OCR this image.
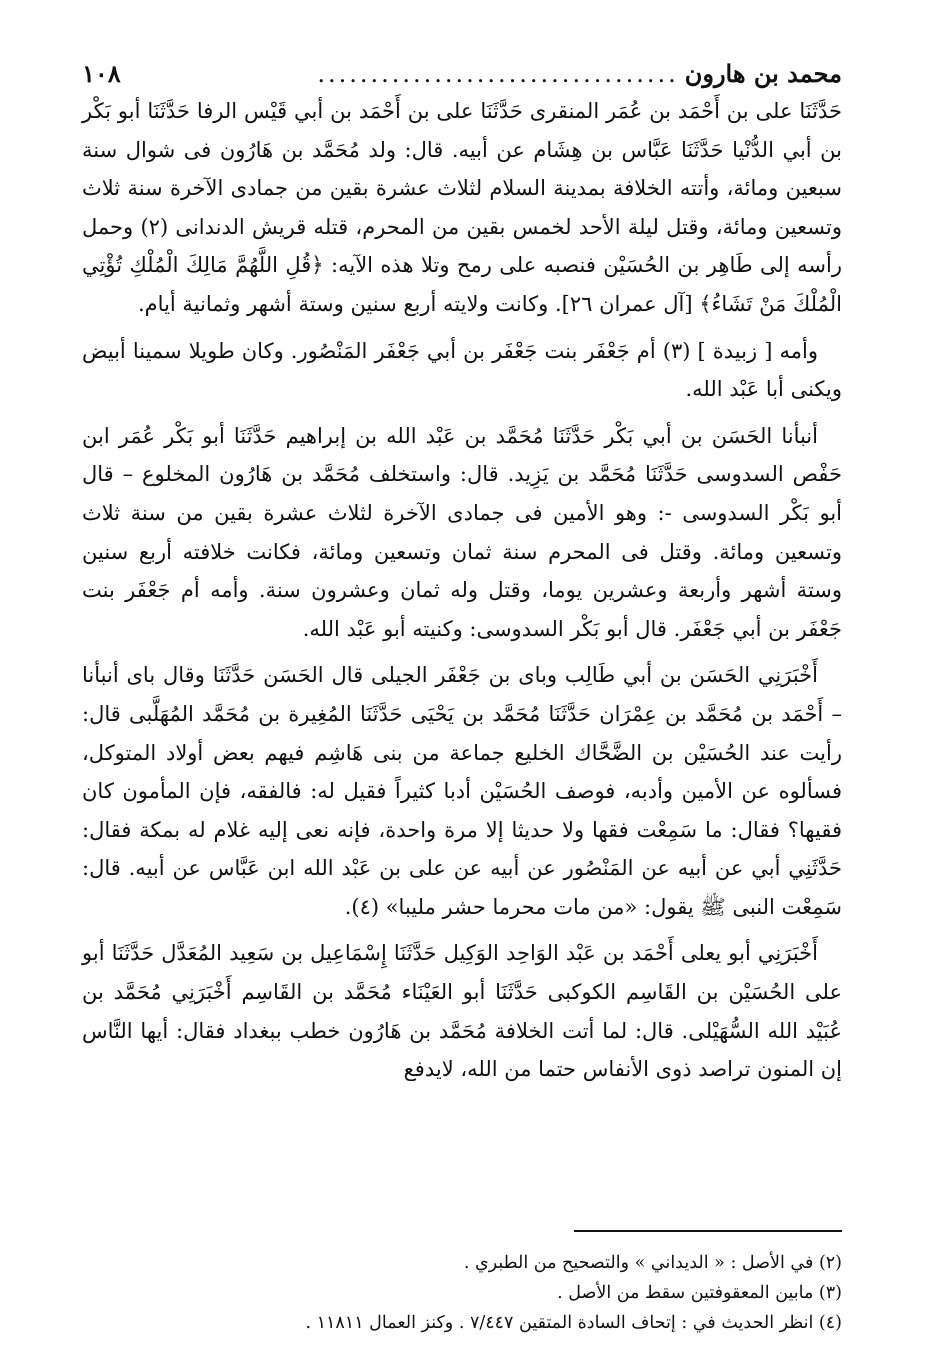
محمد بن هارون
..................................
١٠٨

حَدَّثَنَا على بن أَحْمَد بن عُمَر المنقرى حَدَّثَنَا على بن أَحْمَد بن أبي قَيْس الرفا حَدَّثَنَا أبو بَكْر بن أبي الدُّنْيا حَدَّثَنَا عَبَّاس بن هِشَام عن أبيه. قال: ولد مُحَمَّد بن هَارُون فى شوال سنة سبعين ومائة، وأتته الخلافة بمدينة السلام لثلاث عشرة بقين من جمادى الآخرة سنة ثلاث وتسعين ومائة، وقتل ليلة الأحد لخمس بقين من المحرم، قتله قريش الدندانى (٢) وحمل رأسه إلى طَاهِر بن الحُسَيْن فنصبه على رمح وتلا هذه الآيه: ﴿قُلِ اللَّهُمَّ مَالِكَ الْمُلْكِ تُؤْتِي الْمُلْكَ مَنْ تَشَاءُ﴾ [آل عمران ٢٦]. وكانت ولايته أربع سنين وستة أشهر وثمانية أيام.

وأمه [ زبيدة ] (٣) أم جَعْفَر بنت جَعْفَر بن أبي جَعْفَر المَنْصُور. وكان طويلا سمينا أبيض ويكنى أبا عَبْد الله.

أنبأنا الحَسَن بن أبي بَكْر حَدَّثَنَا مُحَمَّد بن عَبْد الله بن إبراهيم حَدَّثَنَا أبو بَكْر عُمَر ابن حَفْص السدوسى حَدَّثَنَا مُحَمَّد بن يَزِيد. قال: واستخلف مُحَمَّد بن هَارُون المخلوع – قال أبو بَكْر السدوسى -: وهو الأمين فى جمادى الآخرة لثلاث عشرة بقين من سنة ثلاث وتسعين ومائة. وقتل فى المحرم سنة ثمان وتسعين ومائة، فكانت خلافته أربع سنين وستة أشهر وأربعة وعشرين يوما، وقتل وله ثمان وعشرون سنة. وأمه أم جَعْفَر بنت جَعْفَر بن أبي جَعْفَر. قال أبو بَكْر السدوسى: وكنيته أبو عَبْد الله.

أَخْبَرَنِي الحَسَن بن أبي طَالِب وباى بن جَعْفَر الجيلى قال الحَسَن حَدَّثَنَا وقال باى أنبأنا – أَحْمَد بن مُحَمَّد بن عِمْرَان حَدَّثَنَا مُحَمَّد بن يَحْيَى حَدَّثَنَا المُغِيرة بن مُحَمَّد المُهَلَّبى قال: رأيت عند الحُسَيْن بن الضَّحَّاك الخليع جماعة من بنى هَاشِم فيهم بعض أولاد المتوكل، فسألوه عن الأمين وأدبه، فوصف الحُسَيْن أدبا كثيراً فقيل له: فالفقه، فإن المأمون كان فقيها؟ فقال: ما سَمِعْت فقها ولا حديثا إلا مرة واحدة، فإنه نعى إليه غلام له بمكة فقال: حَدَّثَنِي أبي عن أبيه عن المَنْصُور عن أبيه عن على بن عَبْد الله ابن عَبَّاس عن أبيه. قال: سَمِعْت النبى ﷺ يقول: «من مات محرما حشر مليبا» (٤).

أَخْبَرَنِي أبو يعلى أَحْمَد بن عَبْد الوَاحِد الوَكِيل حَدَّثَنَا إِسْمَاعِيل بن سَعِيد المُعَدَّل حَدَّثَنَا أبو على الحُسَيْن بن القَاسِم الكوكبى حَدَّثَنَا أبو العَيْنَاء مُحَمَّد بن القَاسِم أَخْبَرَنِي مُحَمَّد بن عُبَيْد الله السُّهَيْلى. قال: لما أتت الخلافة مُحَمَّد بن هَارُون خطب ببغداد فقال: أيها النَّاس إن المنون تراصد ذوى الأنفاس حتما من الله، لايدفع

(٢) في الأصل : « الديداني » والتصحيح من الطبري .

(٣) مابين المعقوفتين سقط من الأصل .

(٤) انظر الحديث في : إتحاف السادة المتقين ٧/٤٤٧ . وكنز العمال ١١٨١١ .
